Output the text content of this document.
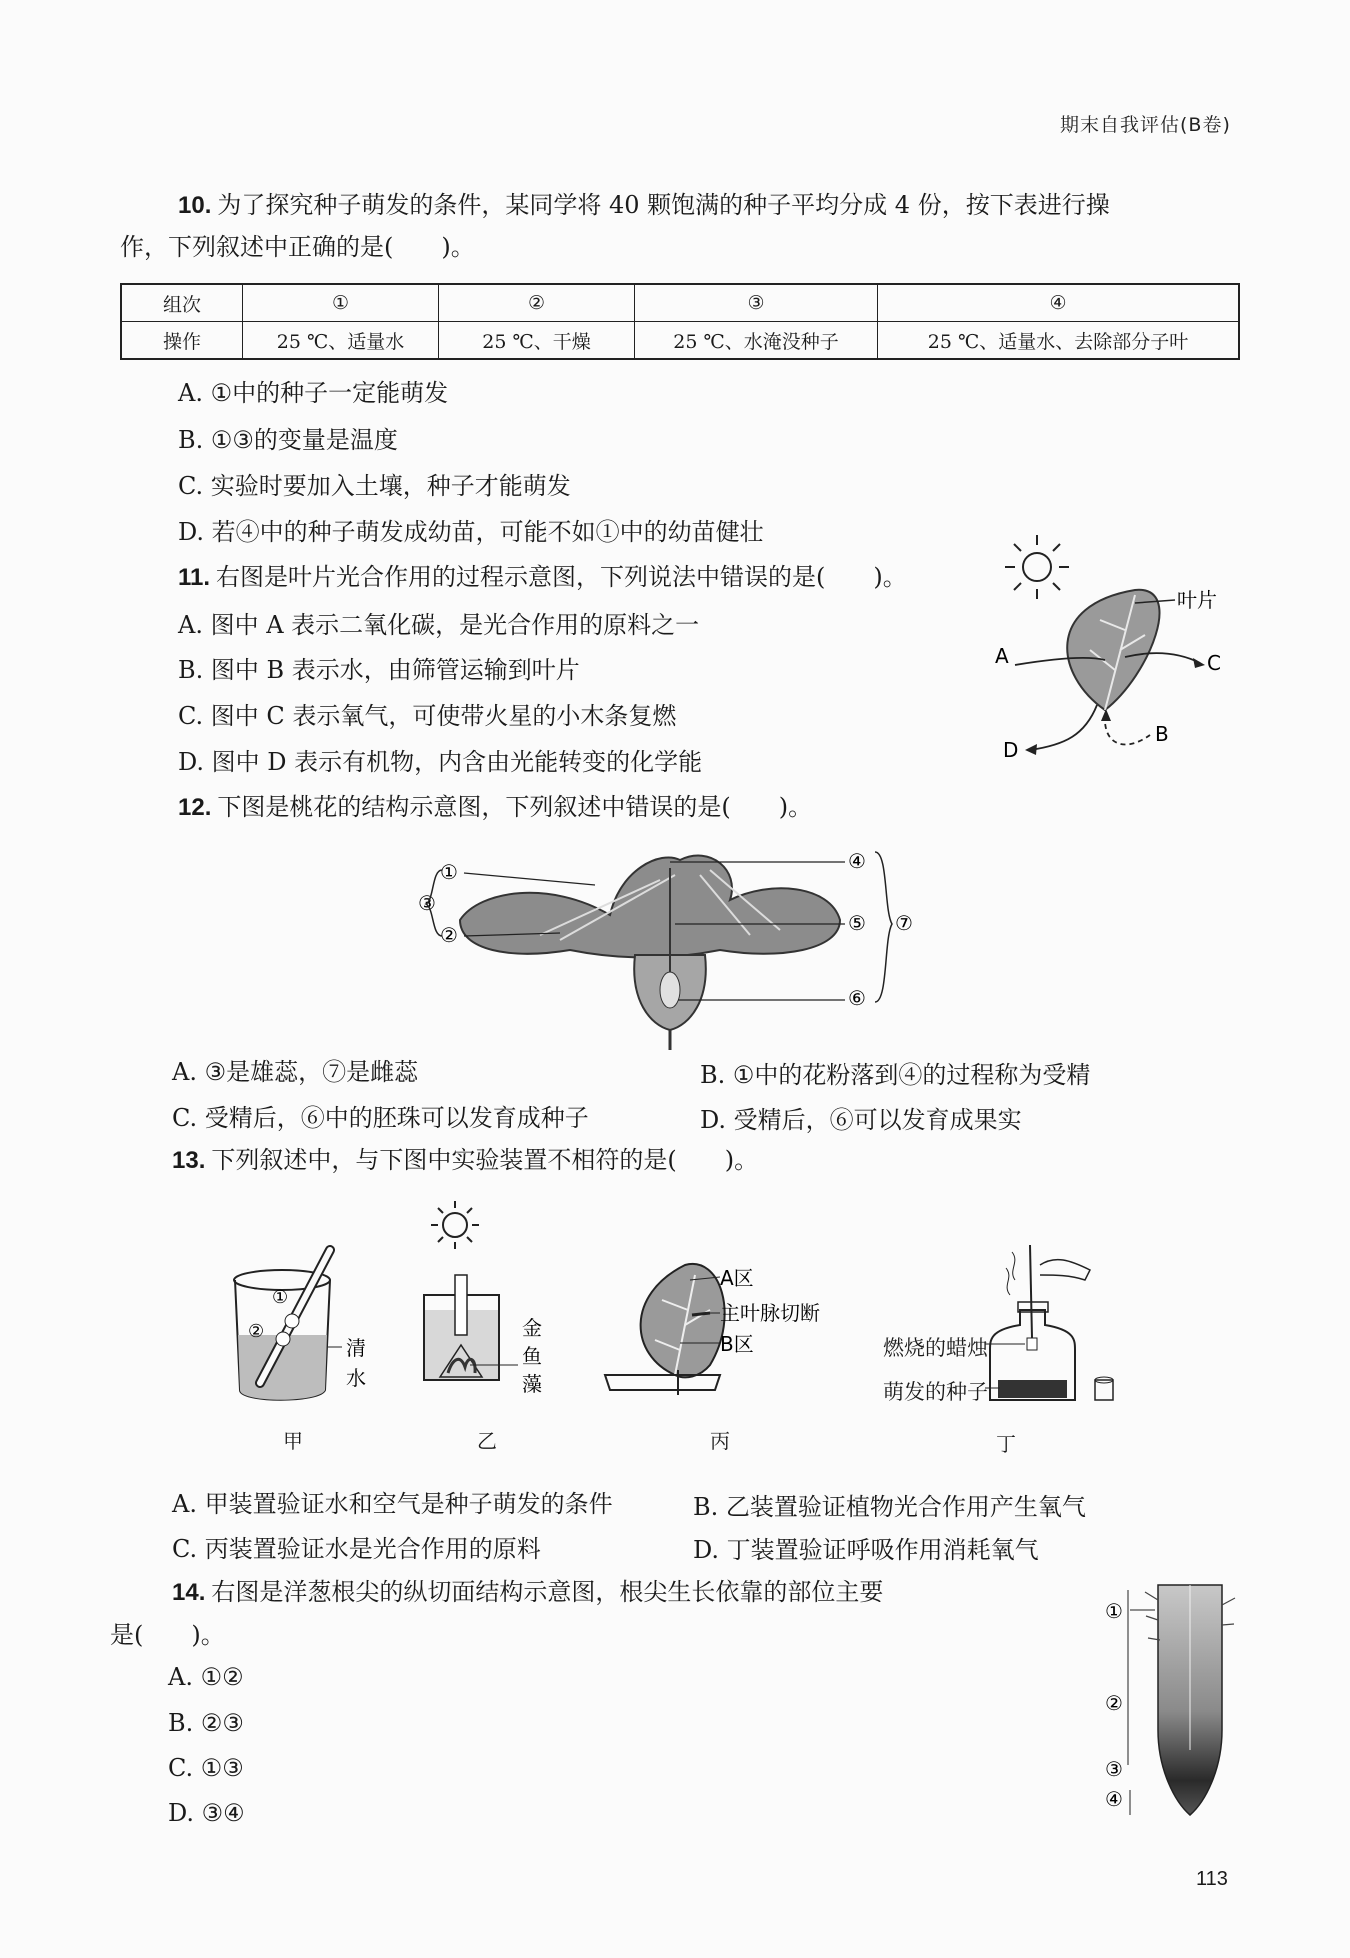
期末自我评估(B卷)
10. 为了探究种子萌发的条件，某同学将 40 颗饱满的种子平均分成 4 份，按下表进行操
作，下列叙述中正确的是(　　)。
组次	①	②	③	④
操作	25 ℃、适量水	25 ℃、干燥	25 ℃、水淹没种子	25 ℃、适量水、去除部分子叶
A. ①中的种子一定能萌发
B. ①③的变量是温度
C. 实验时要加入土壤，种子才能萌发
D. 若④中的种子萌发成幼苗，可能不如①中的幼苗健壮
11. 右图是叶片光合作用的过程示意图，下列说法中错误的是(　　)。
A. 图中 A 表示二氧化碳，是光合作用的原料之一
B. 图中 B 表示水，由筛管运输到叶片
C. 图中 C 表示氧气，可使带火星的小木条复燃
D. 图中 D 表示有机物，内含由光能转变的化学能
叶片
A	C
D
B
12. 下图是桃花的结构示意图，下列叙述中错误的是(　　)。
①
②
③
④
⑤
⑥
⑦
A. ③是雄蕊，⑦是雌蕊	B. ①中的花粉落到④的过程称为受精
C. 受精后，⑥中的胚珠可以发育成种子	D. 受精后，⑥可以发育成果实
13. 下列叙述中，与下图中实验装置不相符的是(　　)。
①
②
清
水
甲
金
鱼
藻
乙
A区
主叶脉切断
B区
丙
燃烧的蜡烛
萌发的种子
丁
A. 甲装置验证水和空气是种子萌发的条件	B. 乙装置验证植物光合作用产生氧气
C. 丙装置验证水是光合作用的原料	D. 丁装置验证呼吸作用消耗氧气
14. 右图是洋葱根尖的纵切面结构示意图，根尖生长依靠的部位主要
是(　　)。
A. ①②
B. ②③
C. ①③
D. ③④
①
②
③
④
113
